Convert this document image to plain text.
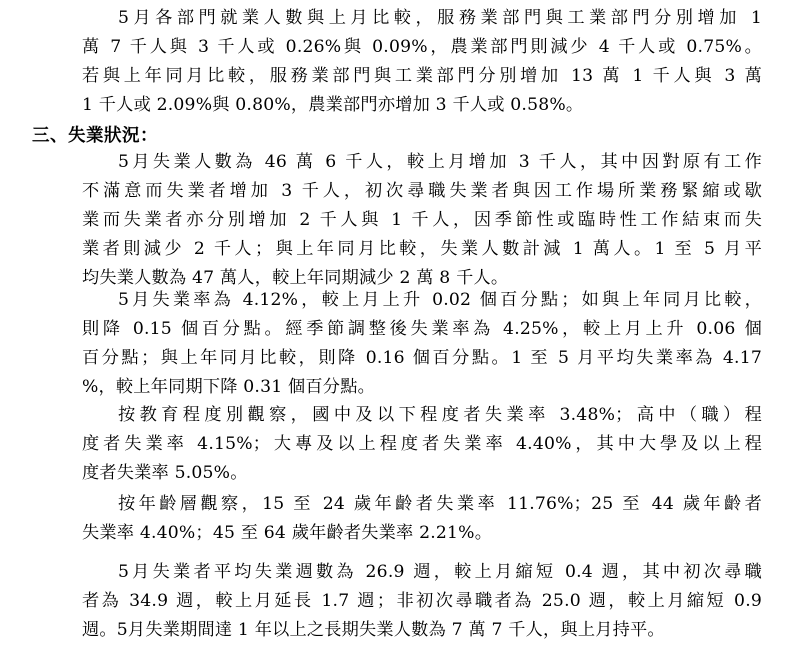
5月各部門就業人數與上月比較，服務業部門與工業部門分別增加 1
萬 7 千人與 3 千人或 0.26%與 0.09%，農業部門則減少 4 千人或 0.75%。
若與上年同月比較，服務業部門與工業部門分別增加 13 萬 1 千人與 3 萬
1 千人或 2.09%與 0.80%，農業部門亦增加 3 千人或 0.58%。
三、失業狀況：
5月失業人數為 46 萬 6 千人，較上月增加 3 千人，其中因對原有工作
不滿意而失業者增加 3 千人，初次尋職失業者與因工作場所業務緊縮或歇
業而失業者亦分別增加 2 千人與 1 千人，因季節性或臨時性工作結束而失
業者則減少 2 千人；與上年同月比較，失業人數計減 1 萬人。1 至 5 月平
均失業人數為 47 萬人，較上年同期減少 2 萬 8 千人。
5月失業率為 4.12%，較上月上升 0.02 個百分點；如與上年同月比較，
則降 0.15 個百分點。經季節調整後失業率為 4.25%，較上月上升 0.06 個
百分點；與上年同月比較，則降 0.16 個百分點。1 至 5 月平均失業率為 4.17
%，較上年同期下降 0.31 個百分點。
按教育程度別觀察，國中及以下程度者失業率 3.48%；高中（職）程
度者失業率 4.15%；大專及以上程度者失業率 4.40%，其中大學及以上程
度者失業率 5.05%。
按年齡層觀察，15 至 24 歲年齡者失業率 11.76%；25 至 44 歲年齡者
失業率 4.40%；45 至 64 歲年齡者失業率 2.21%。
5月失業者平均失業週數為 26.9 週，較上月縮短 0.4 週，其中初次尋職
者為 34.9 週，較上月延長 1.7 週；非初次尋職者為 25.0 週，較上月縮短 0.9
週。5月失業期間達 1 年以上之長期失業人數為 7 萬 7 千人，與上月持平。
